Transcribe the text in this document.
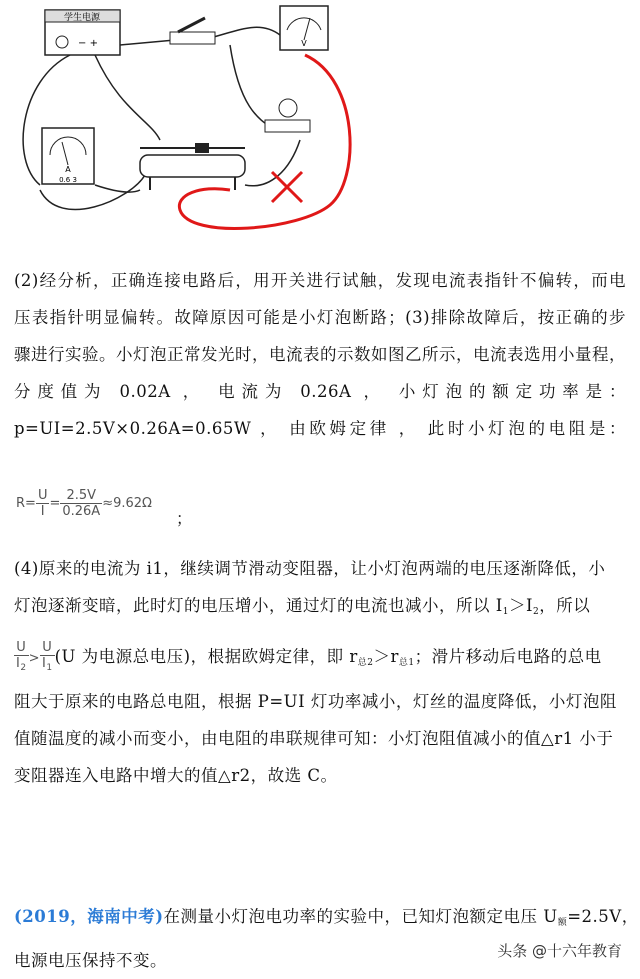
学生电源
− +	V
A
0.6 3
(2)经分析，正确连接电路后，用开关进行试触，发现电流表指针不偏转，而电
压表指针明显偏转。故障原因可能是小灯泡断路；(3)排除故障后，按正确的步
骤进行实验。小灯泡正常发光时，电流表的示数如图乙所示，电流表选用小量程，
分度值为 0.02A ， 电流为 0.26A ， 小灯泡的额定功率是：
p=UI=2.5V×0.26A=0.65W ， 由欧姆定律 ， 此时小灯泡的电阻是：
$R= \frac{U}{I} = \frac{2.5V}{0.26A} \approx 9.62\Omega$
；
(4)原来的电流为 i1，继续调节滑动变阻器，让小灯泡两端的电压逐渐降低，小
灯泡逐渐变暗，此时灯的电压增小，通过灯的电流也减小，所以 $I_1>I_2$，所以
$\frac{U}{I_2} > \frac{U}{I_1} (U$ 为电源总电压)，根据欧姆定律，即 $r_{总2}>r_{总1}$；滑片移动后电路的总电
阻大于原来的电路总电阻，根据 P=UI 灯功率减小，灯丝的温度降低，小灯泡阻
值随温度的减小而变小，由电阻的串联规律可知：小灯泡阻值减小的值△r1 小于
变阻器连入电路中增大的值△r2，故选 C。
(2019，海南中考)在测量小灯泡电功率的实验中，已知灯泡额定电压 $U_额=2.5V$，
电源电压保持不变。	头条 @十六年教育
